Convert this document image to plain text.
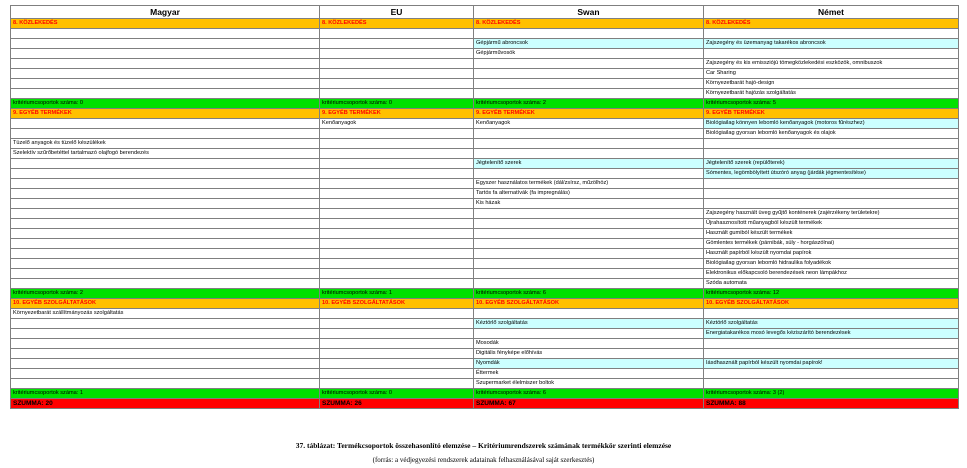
Magyar	EU	Swan	Német
8. KÖZLEKEDÉS	8. KÖZLEKEDÉS	8. KÖZLEKEDÉS	8. KÖZLEKEDÉS

		Gépjármű abroncsok	Zajszegény és üzemanyag takarékos abroncsok
		Gépjárművosók	
			Zajszegény és kis emissziójú tömegközlekedési eszközök, omnibuszok
			Car Sharing
			Környezetbarát hajó-design
			Környezetbarát hajózás szolgáltatás
kritériumcsoportok száma: 0	kritériumcsoportok száma: 0	kritériumcsoportok száma: 2	kritériumcsoportok száma: 5
9. EGYÉB TERMÉKEK	9. EGYÉB TERMÉKEK	9. EGYÉB TERMÉKEK	9. EGYÉB TERMÉKEK
	Kenőanyagok	Kenőanyagok	Biológiailag könnyen lebomló kenőanyagok (motoros fűrészhez)
			Biológiailag gyorsan lebomló kenőanyagok és olajok
Tüzelő anyagok és tüzelő készülékek			
Szelektív szűrőbetéttel tartalmazó olajfogó berendezés			
		Jégtelenítő szerek	Jégtelenítő szerek (repülőterek)
			Sómentes, legömbölyített útszóró anyag (járdák jégmentesítése)
		Egyszer használatos termékek (dál/zsírsz, műzölhöz)	
		Tartós fa alternatívák (fa impregnálás)	
		Kis házak	
			Zajszegény használt üveg gyűjtő konténerek (zajérzékeny területekre)
			Újrahasznosított műanyagból készült termékek
			Használt gumiból készült termékek
			Gömlentes termékek (párnibák, súly - horgászólnai)
			Használt papírból készült nyomdai papírok
			Biológiailag gyorsan lebomló hidraulika folyadékok
			Elektronikus előkapcsoló berendezések neon lámpákhoz
			Szóda automata
kritériumcsoportok száma: 2	kritériumcsoportok száma: 1	kritériumcsoportok száma: 6	kritériumcsoportok száma: 12
10. EGYÉB SZOLGÁLTATÁSOK	10. EGYÉB SZOLGÁLTATÁSOK	10. EGYÉB SZOLGÁLTATÁSOK	10. EGYÉB SZOLGÁLTATÁSOK
Környezetbarát szállítmányozás szolgáltatás			
		Kéztörlő szolgáltatás	Kéztörlő szolgáltatás
			Energiatakarékos mosó levegős kéziszárító berendezések
		Mosodák	
		Digitális fényképe előhívás	
		Nyomdák	Iásdhasznált papírból készült nyomdai papírok!
		Éttermek	
		Szupermarket élelmiszer boltok	
kritériumcsoportok száma: 1	kritériumcsoportok száma: 0	kritériumcsoportok száma: 6	kritériumcsoportok száma: 3 (2)
SZUMMA: 20	SZUMMA: 26	SZUMMA: 67	SZUMMA: 88
37. táblázat: Termékcsoportok összehasonlító elemzése – Kritériumrendszerek számának termékkör szerinti elemzése
(forrás: a védjegyezési rendszerek adatainak felhasználásával saját szerkesztés)
